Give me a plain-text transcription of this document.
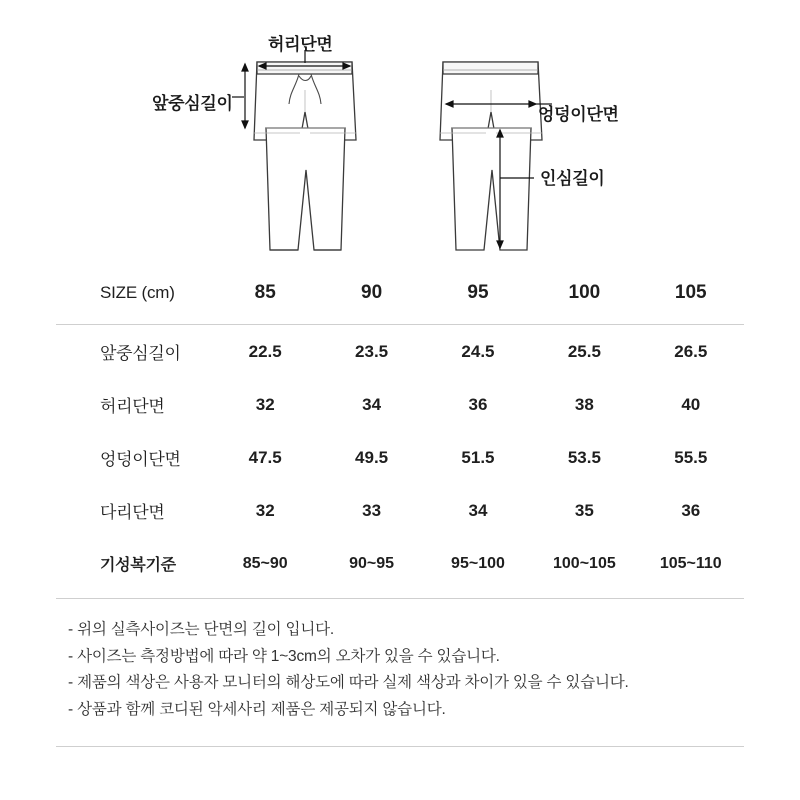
허리단면
앞중심길이
엉덩이단면
인심길이
SIZE (cm)	85	90	95	100	105
앞중심길이	22.5	23.5	24.5	25.5	26.5
허리단면	32	34	36	38	40
엉덩이단면	47.5	49.5	51.5	53.5	55.5
다리단면	32	33	34	35	36
기성복기준	85~90	90~95	95~100	100~105	105~110
- 위의 실측사이즈는 단면의 길이 입니다.
- 사이즈는 측정방법에 따라 약 1~3cm의 오차가 있을 수 있습니다.
- 제품의 색상은 사용자 모니터의 해상도에 따라 실제 색상과 차이가 있을 수 있습니다.
- 상품과 함께 코디된 악세사리 제품은 제공되지 않습니다.
